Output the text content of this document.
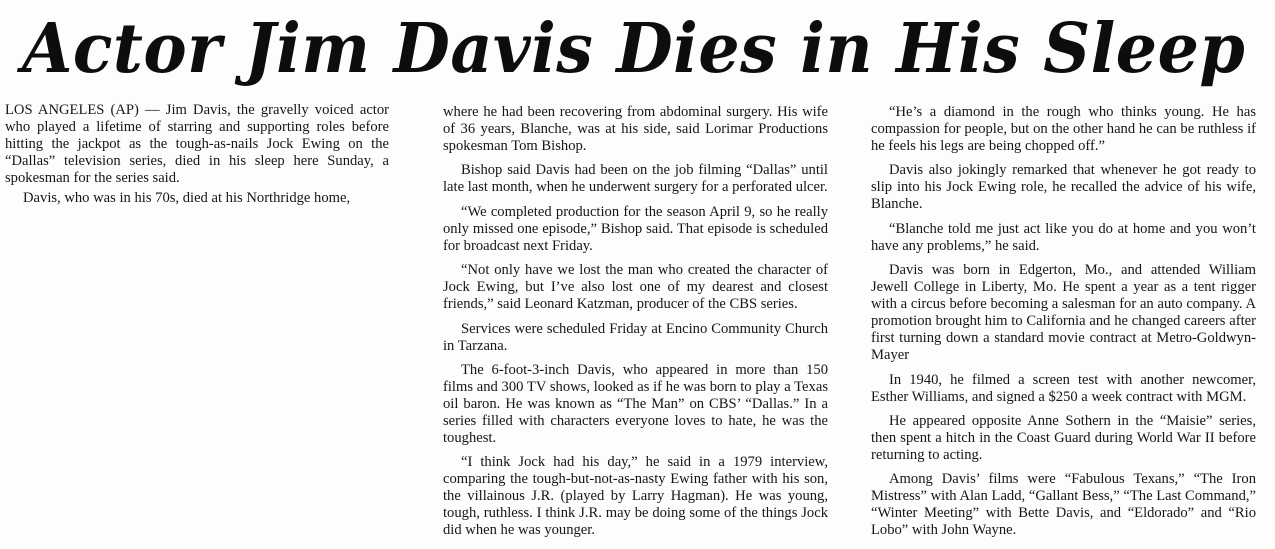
Actor Jim Davis Dies in His Sleep

LOS ANGELES (AP) — Jim Davis, the gravelly voiced actor who played a lifetime of starring and supporting roles before hitting the jackpot as the tough-as-nails Jock Ewing on the “Dallas” television series, died in his sleep here Sunday, a spokesman for the series said.

Davis, who was in his 70s, died at his Northridge home,

where he had been recovering from abdominal surgery. His wife of 36 years, Blanche, was at his side, said Lorimar Productions spokesman Tom Bishop.

Bishop said Davis had been on the job filming “Dallas” until late last month, when he underwent surgery for a perforated ulcer.

“We completed production for the season April 9, so he really only missed one episode,” Bishop said. That episode is scheduled for broadcast next Friday.

“Not only have we lost the man who created the character of Jock Ewing, but I’ve also lost one of my dearest and closest friends,” said Leonard Katzman, producer of the CBS series.

Services were scheduled Friday at Encino Community Church in Tarzana.

The 6-foot-3-inch Davis, who appeared in more than 150 films and 300 TV shows, looked as if he was born to play a Texas oil baron. He was known as “The Man” on CBS’ “Dallas.” In a series filled with characters everyone loves to hate, he was the toughest.

“I think Jock had his day,” he said in a 1979 interview, comparing the tough-but-not-as-nasty Ewing father with his son, the villainous J.R. (played by Larry Hagman). He was young, tough, ruthless. I think J.R. may be doing some of the things Jock did when he was younger.

“He’s a diamond in the rough who thinks young. He has compassion for people, but on the other hand he can be ruthless if he feels his legs are being chopped off.”

Davis also jokingly remarked that whenever he got ready to slip into his Jock Ewing role, he recalled the advice of his wife, Blanche.

“Blanche told me just act like you do at home and you won’t have any problems,” he said.

Davis was born in Edgerton, Mo., and attended William Jewell College in Liberty, Mo. He spent a year as a tent rigger with a circus before becoming a salesman for an auto company. A promotion brought him to California and he changed careers after first turning down a standard movie contract at Metro-Goldwyn-Mayer

In 1940, he filmed a screen test with another newcomer, Esther Williams, and signed a $250 a week contract with MGM.

He appeared opposite Anne Sothern in the “Maisie” series, then spent a hitch in the Coast Guard during World War II before returning to acting.

Among Davis’ films were “Fabulous Texans,” “The Iron Mistress” with Alan Ladd, “Gallant Bess,” “The Last Command,” “Winter Meeting” with Bette Davis, and “Eldorado” and “Rio Lobo” with John Wayne.
